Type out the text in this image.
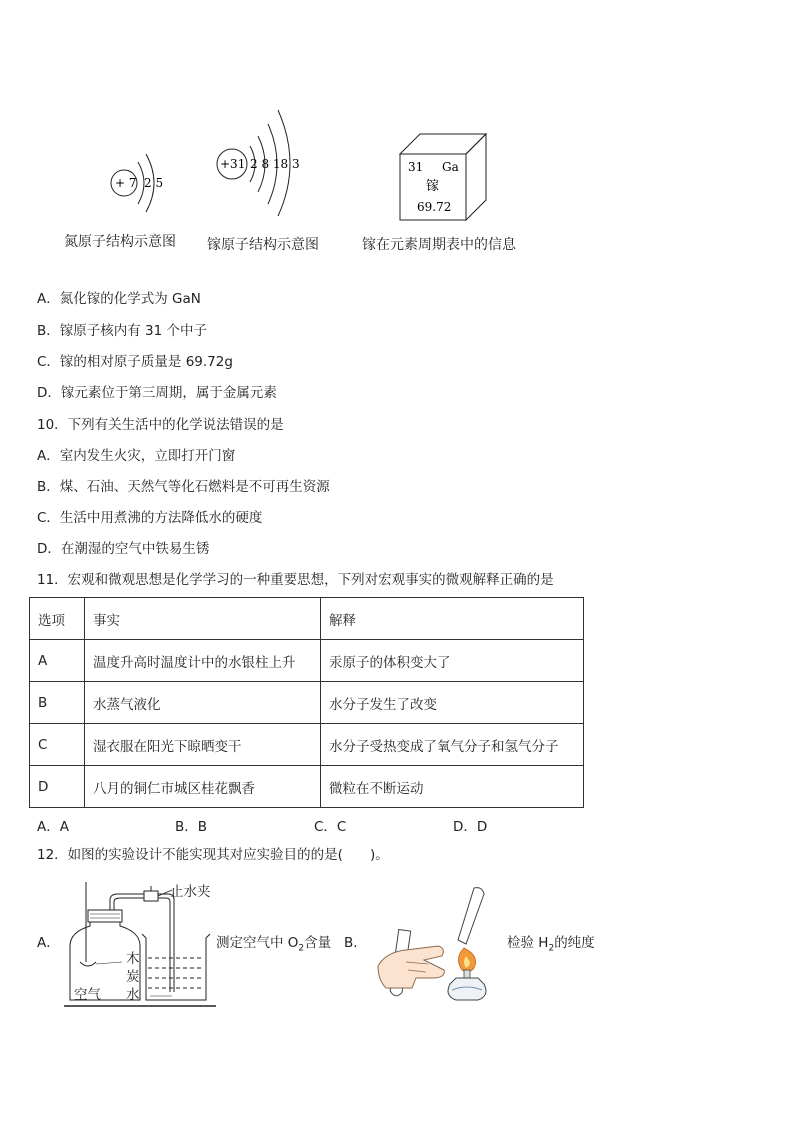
+ 7 2 5
氮原子结构示意图
+31 2 8 18 3
镓原子结构示意图
31 Ga
镓
69.72
镓在元素周期表中的信息
A．氮化镓的化学式为 GaN
B．镓原子核内有 31 个中子
C．镓的相对原子质量是 69.72g
D．镓元素位于第三周期，属于金属元素
10．下列有关生活中的化学说法错误的是
A．室内发生火灾，立即打开门窗
B．煤、石油、天然气等化石燃料是不可再生资源
C．生活中用煮沸的方法降低水的硬度
D．在潮湿的空气中铁易生锈
11．宏观和微观思想是化学学习的一种重要思想，下列对宏观事实的微观解释正确的是
选项	事实	解释
A	温度升高时温度计中的水银柱上升	汞原子的体积变大了
B	水蒸气液化	水分子发生了改变
C	湿衣服在阳光下晾晒变干	水分子受热变成了氧气分子和氢气分子
D	八月的铜仁市城区桂花飘香	微粒在不断运动
A．A	B．B	C．C	D．D
12．如图的实验设计不能实现其对应实验目的的是(　　)。
A．
止水夹
木
炭
水
空气
测定空气中 $O_2$含量 B．	检验 $H_2$的纯度
